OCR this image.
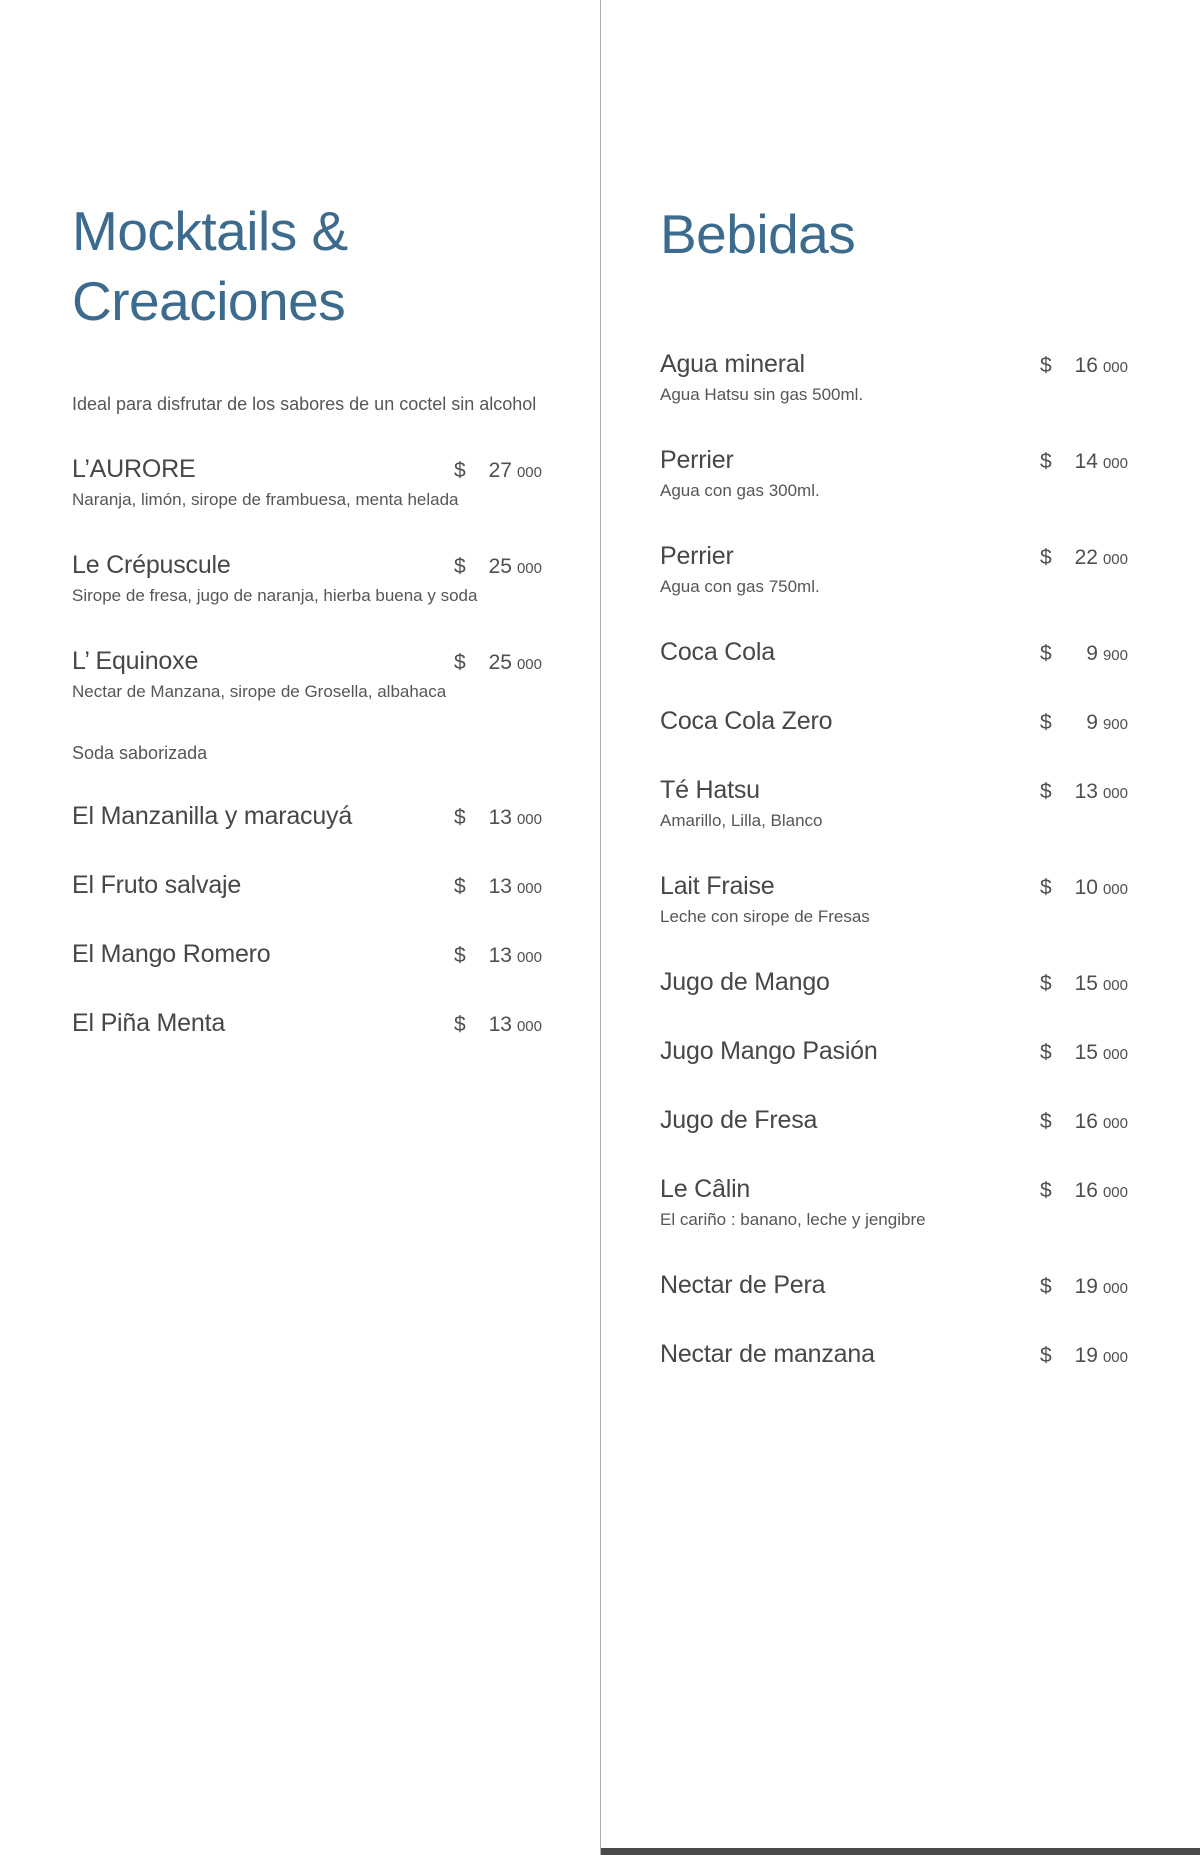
Mocktails &
Creaciones
Ideal para disfrutar de los sabores de un coctel sin alcohol
L’AURORE	$ 27 000
Naranja, limón, sirope de frambuesa, menta helada
Le Crépuscule	$ 25 000
Sirope de fresa, jugo de naranja, hierba buena y soda
L’ Equinoxe	$ 25 000
Nectar de Manzana, sirope de Grosella, albahaca
Soda saborizada
El Manzanilla y maracuyá	$ 13 000
El Fruto salvaje	$ 13 000
El Mango Romero	$ 13 000
El Piña Menta	$ 13 000
Bebidas
Agua mineral	$ 16 000
Agua Hatsu sin gas 500ml.
Perrier	$ 14 000
Agua con gas 300ml.
Perrier	$ 22 000
Agua con gas 750ml.
Coca Cola	$ 9 900
Coca Cola Zero	$ 9 900
Té Hatsu	$ 13 000
Amarillo, Lilla, Blanco
Lait Fraise	$ 10 000
Leche con sirope de Fresas
Jugo de Mango	$ 15 000
Jugo Mango Pasión	$ 15 000
Jugo de Fresa	$ 16 000
Le Câlin	$ 16 000
El cariño : banano, leche y jengibre
Nectar de Pera	$ 19 000
Nectar de manzana	$ 19 000
